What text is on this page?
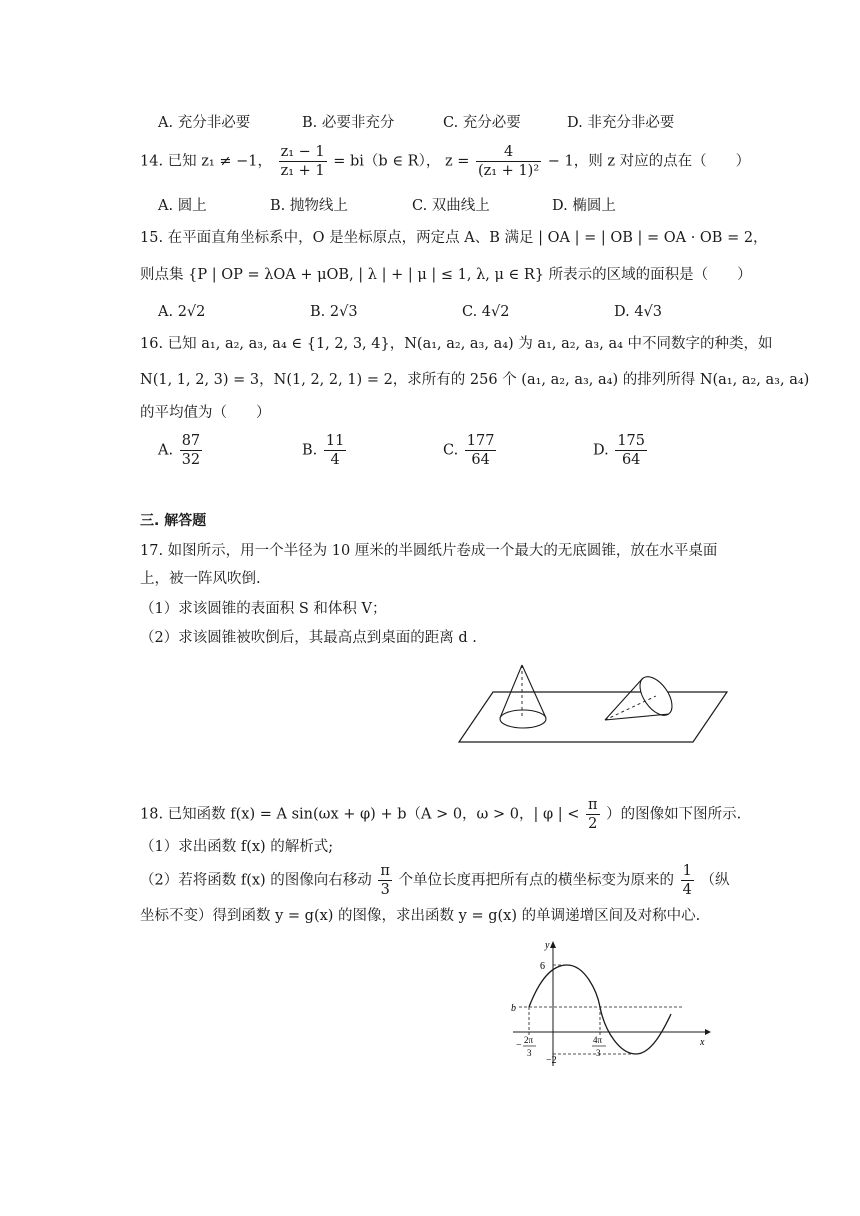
A. 充分非必要	B. 必要非充分	C. 充分必要	D. 非充分非必要
14. 已知 z₁ ≠ −1， $\frac{\text{z₁ − 1}}{\text{z₁ + 1}} = bi(b$ ∈ R）， $z = \frac{4}{\text{(z₁ + 1)²}} - 1$，则 z 对应的点在（　　）
A. 圆上	B. 抛物线上	C. 双曲线上	D. 椭圆上
15. 在平面直角坐标系中，O 是坐标原点，两定点 A、B 满足 | OA | = | OB | = OA · OB = 2，
则点集 {P | OP = λOA + μOB, | λ | + | μ | ≤ 1, λ, μ ∈ R} 所表示的区域的面积是（　　）
A. 2√2	B. 2√3	C. 4√2	D. 4√3
16. 已知 a₁, a₂, a₃, a₄ ∈ {1, 2, 3, 4}，N(a₁, a₂, a₃, a₄) 为 a₁, a₂, a₃, a₄ 中不同数字的种类，如
N(1, 1, 2, 3) = 3，N(1, 2, 2, 1) = 2，求所有的 256 个 (a₁, a₂, a₃, a₄) 的排列所得 N(a₁, a₂, a₃, a₄)
的平均值为（　　）
A. $\frac{87}{32}$	B. $\frac{11}{4}$	C. $\frac{177}{64}$	D. $\frac{175}{64}$
三. 解答题
17. 如图所示，用一个半径为 10 厘米的半圆纸片卷成一个最大的无底圆锥，放在水平桌面
上，被一阵风吹倒.
（1）求该圆锥的表面积 S 和体积 V；
（2）求该圆锥被吹倒后，其最高点到桌面的距离 d .
18. 已知函数 f(x) = A sin(ωx + φ) + b（A > 0，ω > 0，| φ | < $\frac{\pi}{2}$ ）的图像如下图所示.
（1）求出函数 f(x) 的解析式;
（2）若将函数 f(x) 的图像向右移动 $\frac{\pi}{3}$ 个单位长度再把所有点的横坐标变为原来的 $\frac{1}{4}$ （纵
坐标不变）得到函数 y = g(x) 的图像，求出函数 y = g(x) 的单调递增区间及对称中心.
y
x
6
b
−2
− 2π
3
4π
3
